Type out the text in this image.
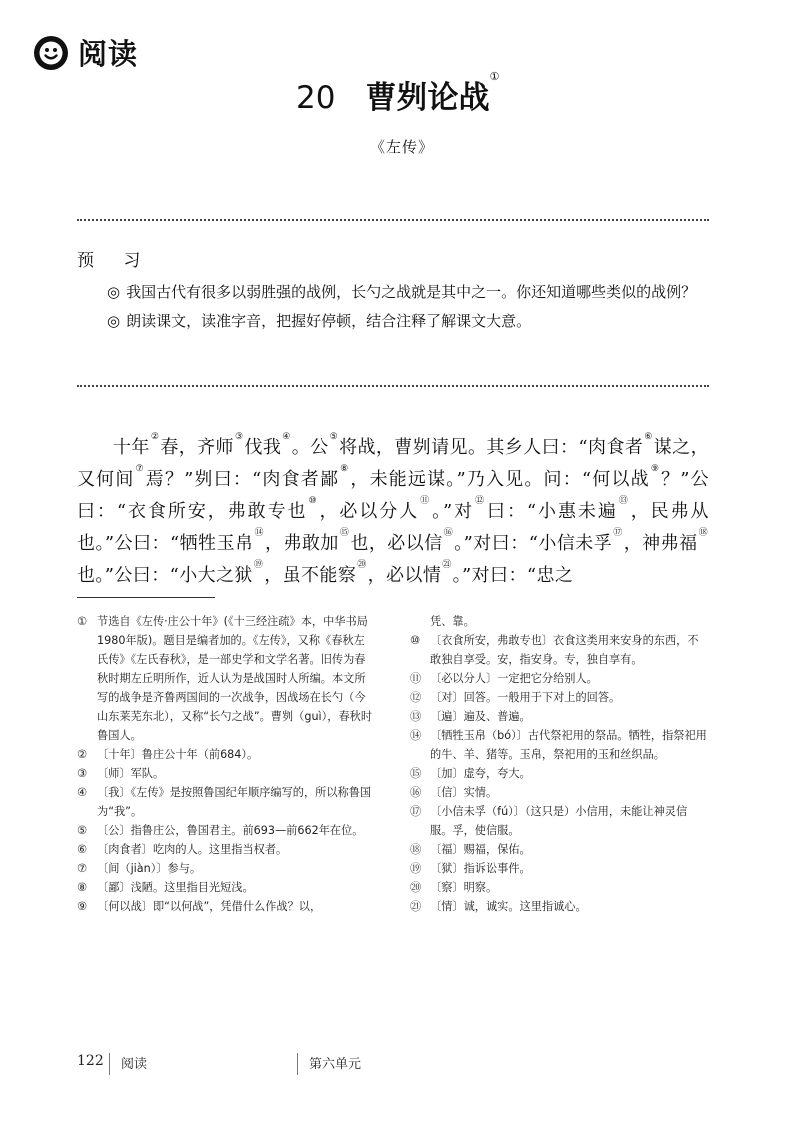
阅读
20 曹刿论战①
《左传》
预 习

◎ 我国古代有很多以弱胜强的战例，长勺之战就是其中之一。你还知道哪些类似的战例？

◎ 朗读课文，读准字音，把握好停顿，结合注释了解课文大意。

十年②春，齐师③伐我④。公⑤将战，曹刿请见。其乡人曰：“肉食者⑥谋之，又何间⑦焉？”刿曰：“肉食者鄙⑧，未能远谋。”乃入见。问：“何以战⑨？”公曰：“衣食所安，弗敢专也⑩，必以分人⑪。”对⑫曰：“小惠未遍⑬，民弗从也。”公曰：“牺牲玉帛⑭，弗敢加⑮也，必以信⑯。”对曰：“小信未孚⑰，神弗福⑱也。”公曰：“小大之狱⑲，虽不能察⑳，必以情$^㉑$。”对曰：“忠之

① 节选自《左传·庄公十年》(《十三经注疏》本，中华书局1980年版)。题目是编者加的。《左传》，又称《春秋左氏传》《左氏春秋》，是一部史学和文学名著。旧传为春秋时期左丘明所作，近人认为是战国时人所编。本文所写的战争是齐鲁两国间的一次战争，因战场在长勺（今山东莱芜东北），又称“长勺之战”。曹刿（guì），春秋时鲁国人。
② 〔十年〕鲁庄公十年（前684）。
③ 〔师〕军队。
④ 〔我〕《左传》是按照鲁国纪年顺序编写的，所以称鲁国为“我”。
⑤ 〔公〕指鲁庄公，鲁国君主。前693—前662年在位。
⑥ 〔肉食者〕吃肉的人。这里指当权者。
⑦ 〔间（jiàn）〕参与。
⑧ 〔鄙〕浅陋。这里指目光短浅。
⑨ 〔何以战〕即“以何战”，凭借什么作战？以，
凭、靠。
⑩ 〔衣食所安，弗敢专也〕衣食这类用来安身的东西，不敢独自享受。安，指安身。专，独自享有。
⑪ 〔必以分人〕一定把它分给别人。
⑫ 〔对〕回答。一般用于下对上的回答。
⑬ 〔遍〕遍及、普遍。
⑭ 〔牺牲玉帛（bó）〕古代祭祀用的祭品。牺牲，指祭祀用的牛、羊、猪等。玉帛，祭祀用的玉和丝织品。
⑮ 〔加〕虚夸，夸大。
⑯ 〔信〕实情。
⑰ 〔小信未孚（fú）〕（这只是）小信用，未能让神灵信服。孚，使信服。
⑱ 〔福〕赐福，保佑。
⑲ 〔狱〕指诉讼事件。
⑳ 〔察〕明察。
㉑ 〔情〕诚，诚实。这里指诚心。
122 阅读	第六单元
